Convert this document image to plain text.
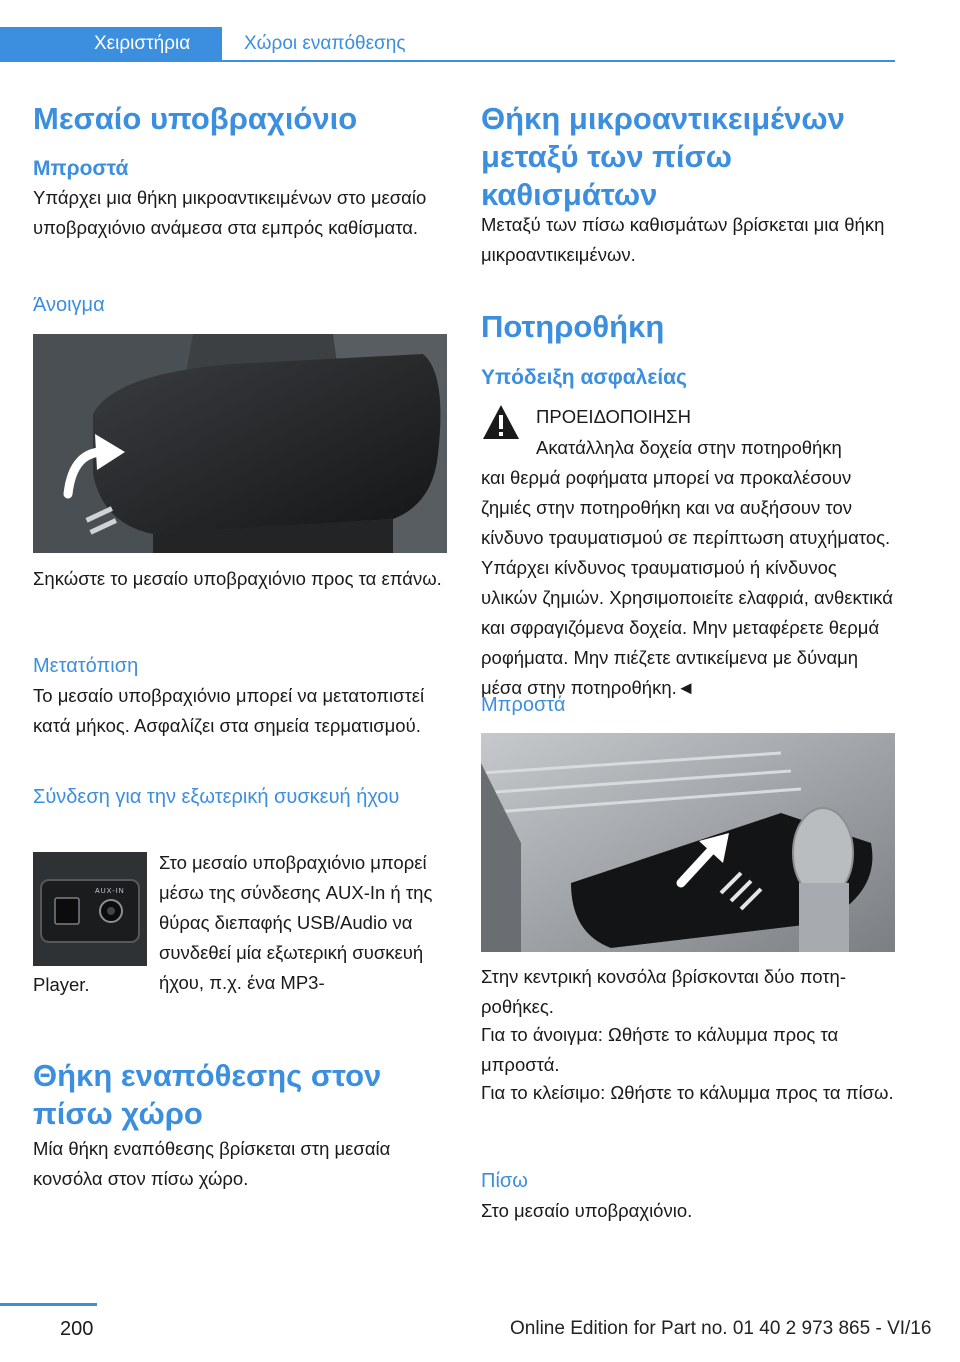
Χειριστήρια	Χώροι εναπόθεσης
Μεσαίο υποβραχιόνιο
Μπροστά
Υπάρχει μια θήκη μικροαντικειμένων στο μεσαίο υποβραχιόνιο ανάμεσα στα εμπρός καθίσματα.
Άνοιγμα
Σηκώστε το μεσαίο υποβραχιόνιο προς τα επάνω.
Μετατόπιση
Το μεσαίο υποβραχιόνιο μπορεί να μετατοπιστεί κατά μήκος. Ασφαλίζει στα σημεία τερματισμού.
Σύνδεση για την εξωτερική συσκευή ήχου
AUX-IN
Στο μεσαίο υποβραχιόνιο μπορεί μέσω της σύνδεσης AUX-In ή της θύρας διεπαφής USB/Audio να συνδεθεί μία εξωτερική συσκευή ήχου, π.χ. ένα MP3-
Player.
Θήκη εναπόθεσης στον πίσω χώρο
Μία θήκη εναπόθεσης βρίσκεται στη μεσαία κονσόλα στον πίσω χώρο.
Θήκη μικροαντικειμένων μεταξύ των πίσω καθισμάτων
Μεταξύ των πίσω καθισμάτων βρίσκεται μια θήκη μικροαντικειμένων.
Ποτηροθήκη
Υπόδειξη ασφαλείας
ΠΡΟΕΙΔΟΠΟΙΗΣΗ
Ακατάλληλα δοχεία στην ποτηροθήκη
και θερμά ροφήματα μπορεί να προκαλέσουν ζημιές στην ποτηροθήκη και να αυξήσουν τον κίνδυνο τραυματισμού σε περίπτωση ατυχήματος. Υπάρχει κίνδυνος τραυματισμού ή κίνδυνος υλικών ζημιών. Χρησιμοποιείτε ελαφριά, ανθεκτικά και σφραγιζόμενα δοχεία. Μην μεταφέρετε θερμά ροφήματα. Μην πιέζετε αντικείμενα με δύναμη μέσα στην ποτηροθήκη.◄
Μπροστά
Στην κεντρική κονσόλα βρίσκονται δύο ποτηροθήκες.
Για το άνοιγμα: Ωθήστε το κάλυμμα προς τα μπροστά.
Για το κλείσιμο: Ωθήστε το κάλυμμα προς τα πίσω.
Πίσω
Στο μεσαίο υποβραχιόνιο.
200	Online Edition for Part no. 01 40 2 973 865 - VI/16
